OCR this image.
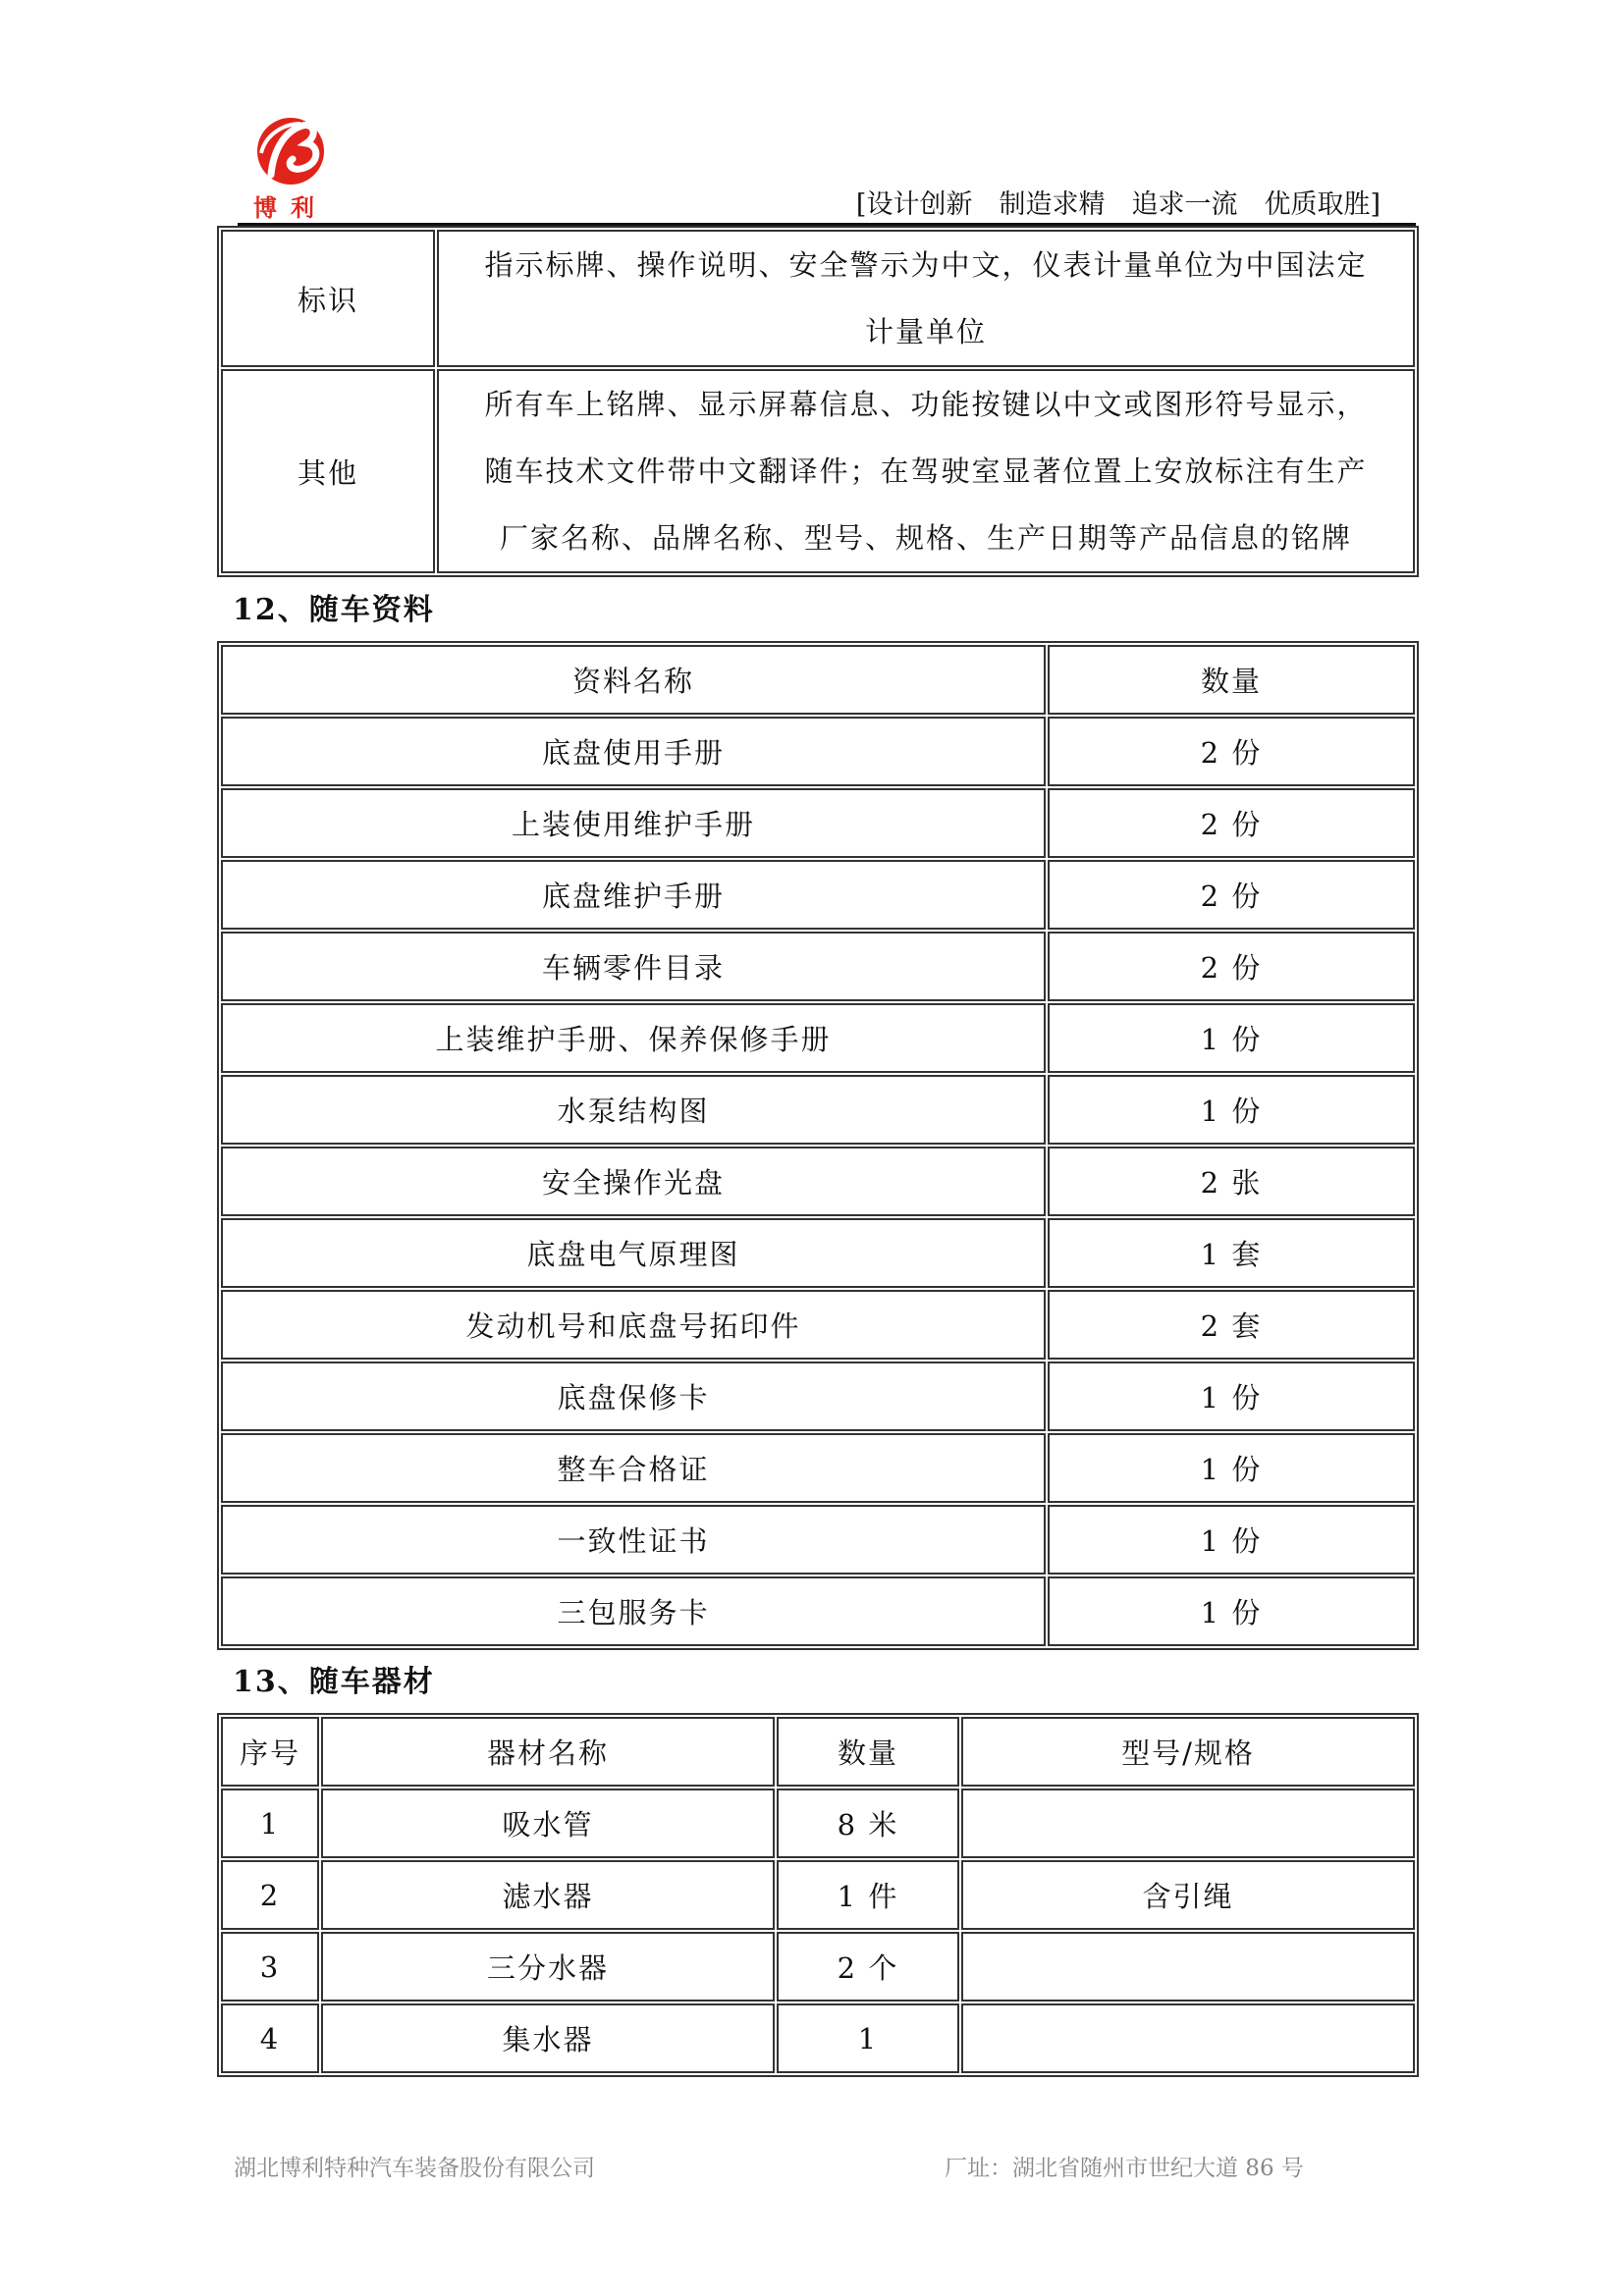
博利	[设计创新　制造求精　追求一流　优质取胜]
标识	指示标牌、操作说明、安全警示为中文，仪表计量单位为中国法定
计量单位

其他	所有车上铭牌、显示屏幕信息、功能按键以中文或图形符号显示，
随车技术文件带中文翻译件；在驾驶室显著位置上安放标注有生产
厂家名称、品牌名称、型号、规格、生产日期等产品信息的铭牌
12、随车资料
资料名称	数量
底盘使用手册	2 份
上装使用维护手册	2 份
底盘维护手册	2 份
车辆零件目录	2 份
上装维护手册、保养保修手册	1 份
水泵结构图	1 份
安全操作光盘	2 张
底盘电气原理图	1 套
发动机号和底盘号拓印件	2 套
底盘保修卡	1 份
整车合格证	1 份
一致性证书	1 份
三包服务卡	1 份
13、随车器材
序号	器材名称	数量	型号/规格
1	吸水管	8 米	
2	滤水器	1 件	含引绳
3	三分水器	2 个	
4	集水器	1	
湖北博利特种汽车装备股份有限公司	厂址：湖北省随州市世纪大道 86 号
